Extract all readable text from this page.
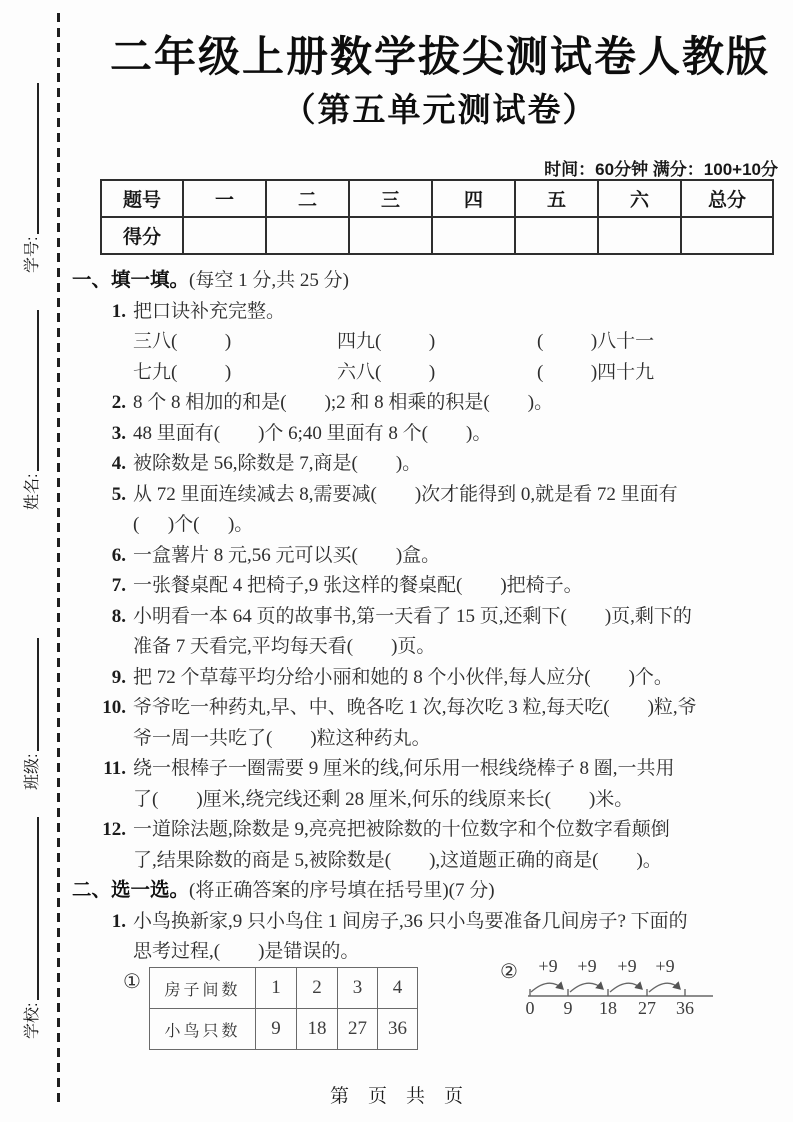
学号:
姓名:
班级:
学校:
二年级上册数学拔尖测试卷人教版
（第五单元测试卷）
时间：60分钟 满分：100+10分
题号	一	二	三	四	五	六	总分
得分							
一、填一填。(每空 1 分,共 25 分)
1. 把口诀补充完整。
三八(          )	四九(          )	(          )八十一
七九(          )	六八(          )	(          )四十九
2. 8 个 8 相加的和是(        );2 和 8 相乘的积是(        )。
3. 48 里面有(        )个 6;40 里面有 8 个(        )。
4. 被除数是 56,除数是 7,商是(        )。
5. 从 72 里面连续减去 8,需要减(        )次才能得到 0,就是看 72 里面有
(      )个(      )。
6. 一盒薯片 8 元,56 元可以买(        )盒。
7. 一张餐桌配 4 把椅子,9 张这样的餐桌配(        )把椅子。
8. 小明看一本 64 页的故事书,第一天看了 15 页,还剩下(        )页,剩下的
准备 7 天看完,平均每天看(        )页。
9. 把 72 个草莓平均分给小丽和她的 8 个小伙伴,每人应分(        )个。
10. 爷爷吃一种药丸,早、中、晚各吃 1 次,每次吃 3 粒,每天吃(        )粒,爷
爷一周一共吃了(        )粒这种药丸。
11. 绕一根棒子一圈需要 9 厘米的线,何乐用一根线绕棒子 8 圈,一共用
了(        )厘米,绕完线还剩 28 厘米,何乐的线原来长(        )米。
12. 一道除法题,除数是 9,亮亮把被除数的十位数字和个位数字看颠倒
了,结果除数的商是 5,被除数是(        ),这道题正确的商是(        )。
二、选一选。(将正确答案的序号填在括号里)(7 分)
1. 小鸟换新家,9 只小鸟住 1 间房子,36 只小鸟要准备几间房子? 下面的
思考过程,(        )是错误的。
① 房子间数	1	2	3	4
小鸟只数	9	18	27	36
② +9 +9 +9 +9
0 9 18 27 36
第　页　共　页
